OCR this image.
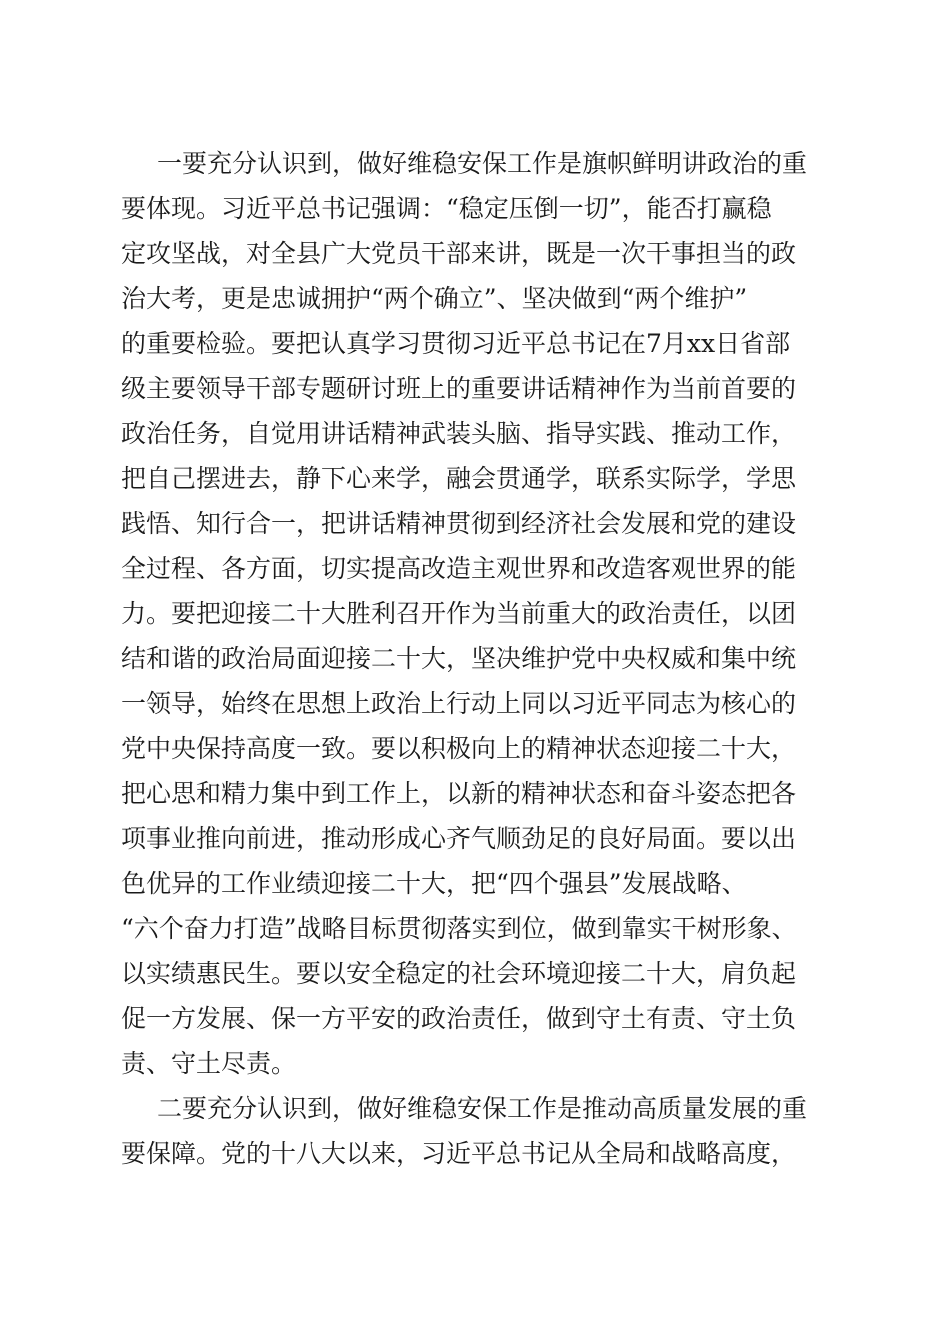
一要充分认识到，做好维稳安保工作是旗帜鲜明讲政治的重
要体现。习近平总书记强调：“稳定压倒一切”，能否打赢稳
定攻坚战，对全县广大党员干部来讲，既是一次干事担当的政
治大考，更是忠诚拥护“两个确立”、坚决做到“两个维护”
的重要检验。要把认真学习贯彻习近平总书记在7月xx日省部
级主要领导干部专题研讨班上的重要讲话精神作为当前首要的
政治任务，自觉用讲话精神武装头脑、指导实践、推动工作，
把自己摆进去，静下心来学，融会贯通学，联系实际学，学思
践悟、知行合一，把讲话精神贯彻到经济社会发展和党的建设
全过程、各方面，切实提高改造主观世界和改造客观世界的能
力。要把迎接二十大胜利召开作为当前重大的政治责任，以团
结和谐的政治局面迎接二十大，坚决维护党中央权威和集中统
一领导，始终在思想上政治上行动上同以习近平同志为核心的
党中央保持高度一致。要以积极向上的精神状态迎接二十大，
把心思和精力集中到工作上，以新的精神状态和奋斗姿态把各
项事业推向前进，推动形成心齐气顺劲足的良好局面。要以出
色优异的工作业绩迎接二十大，把“四个强县”发展战略、
“六个奋力打造”战略目标贯彻落实到位，做到靠实干树形象、
以实绩惠民生。要以安全稳定的社会环境迎接二十大，肩负起
促一方发展、保一方平安的政治责任，做到守土有责、守土负
责、守土尽责。
二要充分认识到，做好维稳安保工作是推动高质量发展的重
要保障。党的十八大以来，习近平总书记从全局和战略高度，
